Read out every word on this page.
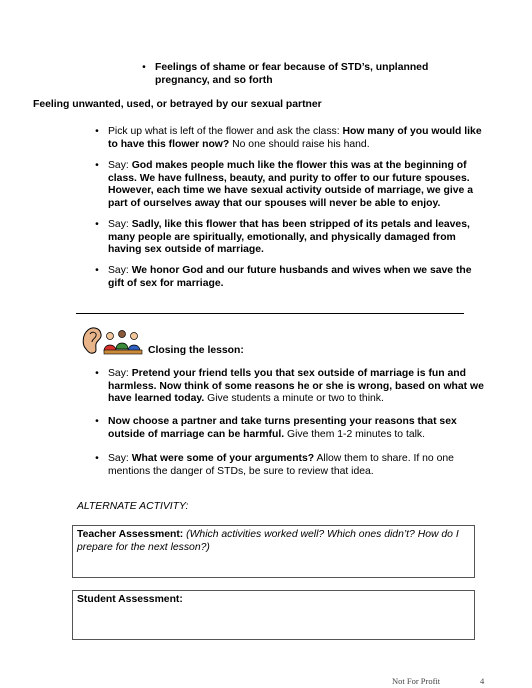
• Feelings of shame or fear because of STD’s, unplanned pregnancy, and so forth
Feeling unwanted, used, or betrayed by our sexual partner
• Pick up what is left of the flower and ask the class: How many of you would like to have this flower now? No one should raise his hand.
• Say: God makes people much like the flower this was at the beginning of class. We have fullness, beauty, and purity to offer to our future spouses. However, each time we have sexual activity outside of marriage, we give a part of ourselves away that our spouses will never be able to enjoy.
• Say: Sadly, like this flower that has been stripped of its petals and leaves, many people are spiritually, emotionally, and physically damaged from having sex outside of marriage.
• Say: We honor God and our future husbands and wives when we save the gift of sex for marriage.
Closing the lesson:
• Say: Pretend your friend tells you that sex outside of marriage is fun and harmless. Now think of some reasons he or she is wrong, based on what we have learned today. Give students a minute or two to think.
• Now choose a partner and take turns presenting your reasons that sex outside of marriage can be harmful. Give them 1-2 minutes to talk.
• Say: What were some of your arguments? Allow them to share. If no one mentions the danger of STDs, be sure to review that idea.
ALTERNATE ACTIVITY:
Teacher Assessment: (Which activities worked well? Which ones didn’t? How do I prepare for the next lesson?)
Student Assessment:
Not For Profit	4
